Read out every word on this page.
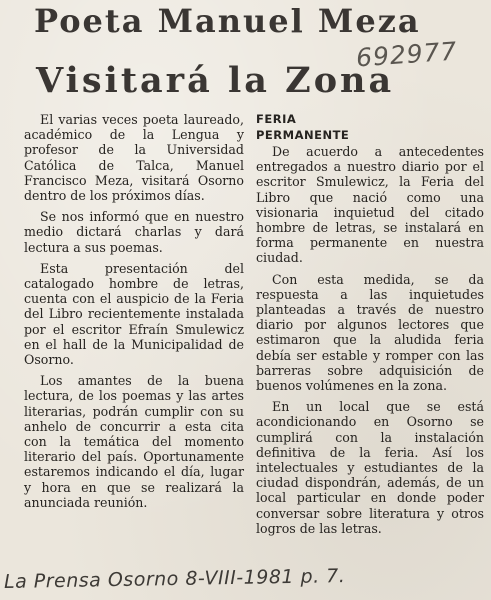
Poeta Manuel Meza
Visitará la Zona
692977

El varias veces poeta laureado, académico de la Lengua y profesor de la Universidad Católica de Talca, Manuel Francisco Meza, visitará Osorno dentro de los próximos días.

Se nos informó que en nuestro medio dictará charlas y dará lectura a sus poemas.

Esta presentación del catalogado hombre de letras, cuenta con el auspicio de la Feria del Libro recientemente instalada por el escritor Efraín Smulewicz en el hall de la Municipalidad de Osorno.

Los amantes de la buena lectura, de los poemas y las artes literarias, podrán cumplir con su anhelo de concurrir a esta cita con la temática del momento literario del país. Oportunamente estaremos indicando el día, lugar y hora en que se realizará la anunciada reunión.

FERIA

PERMANENTE

De acuerdo a antecedentes entregados a nuestro diario por el escritor Smulewicz, la Feria del Libro que nació como una visionaria inquietud del citado hombre de letras, se instalará en forma permanente en nuestra ciudad.

Con esta medida, se da respuesta a las inquietudes planteadas a través de nuestro diario por algunos lectores que estimaron que la aludida feria debía ser estable y romper con las barreras sobre adquisición de buenos volúmenes en la zona.

En un local que se está acondicionando en Osorno se cumplirá con la instalación definitiva de la feria. Así los intelectuales y estudiantes de la ciudad dispondrán, además, de un local particular en donde poder conversar sobre literatura y otros logros de las letras.

La Prensa Osorno 8-VIII-1981 p. 7.
